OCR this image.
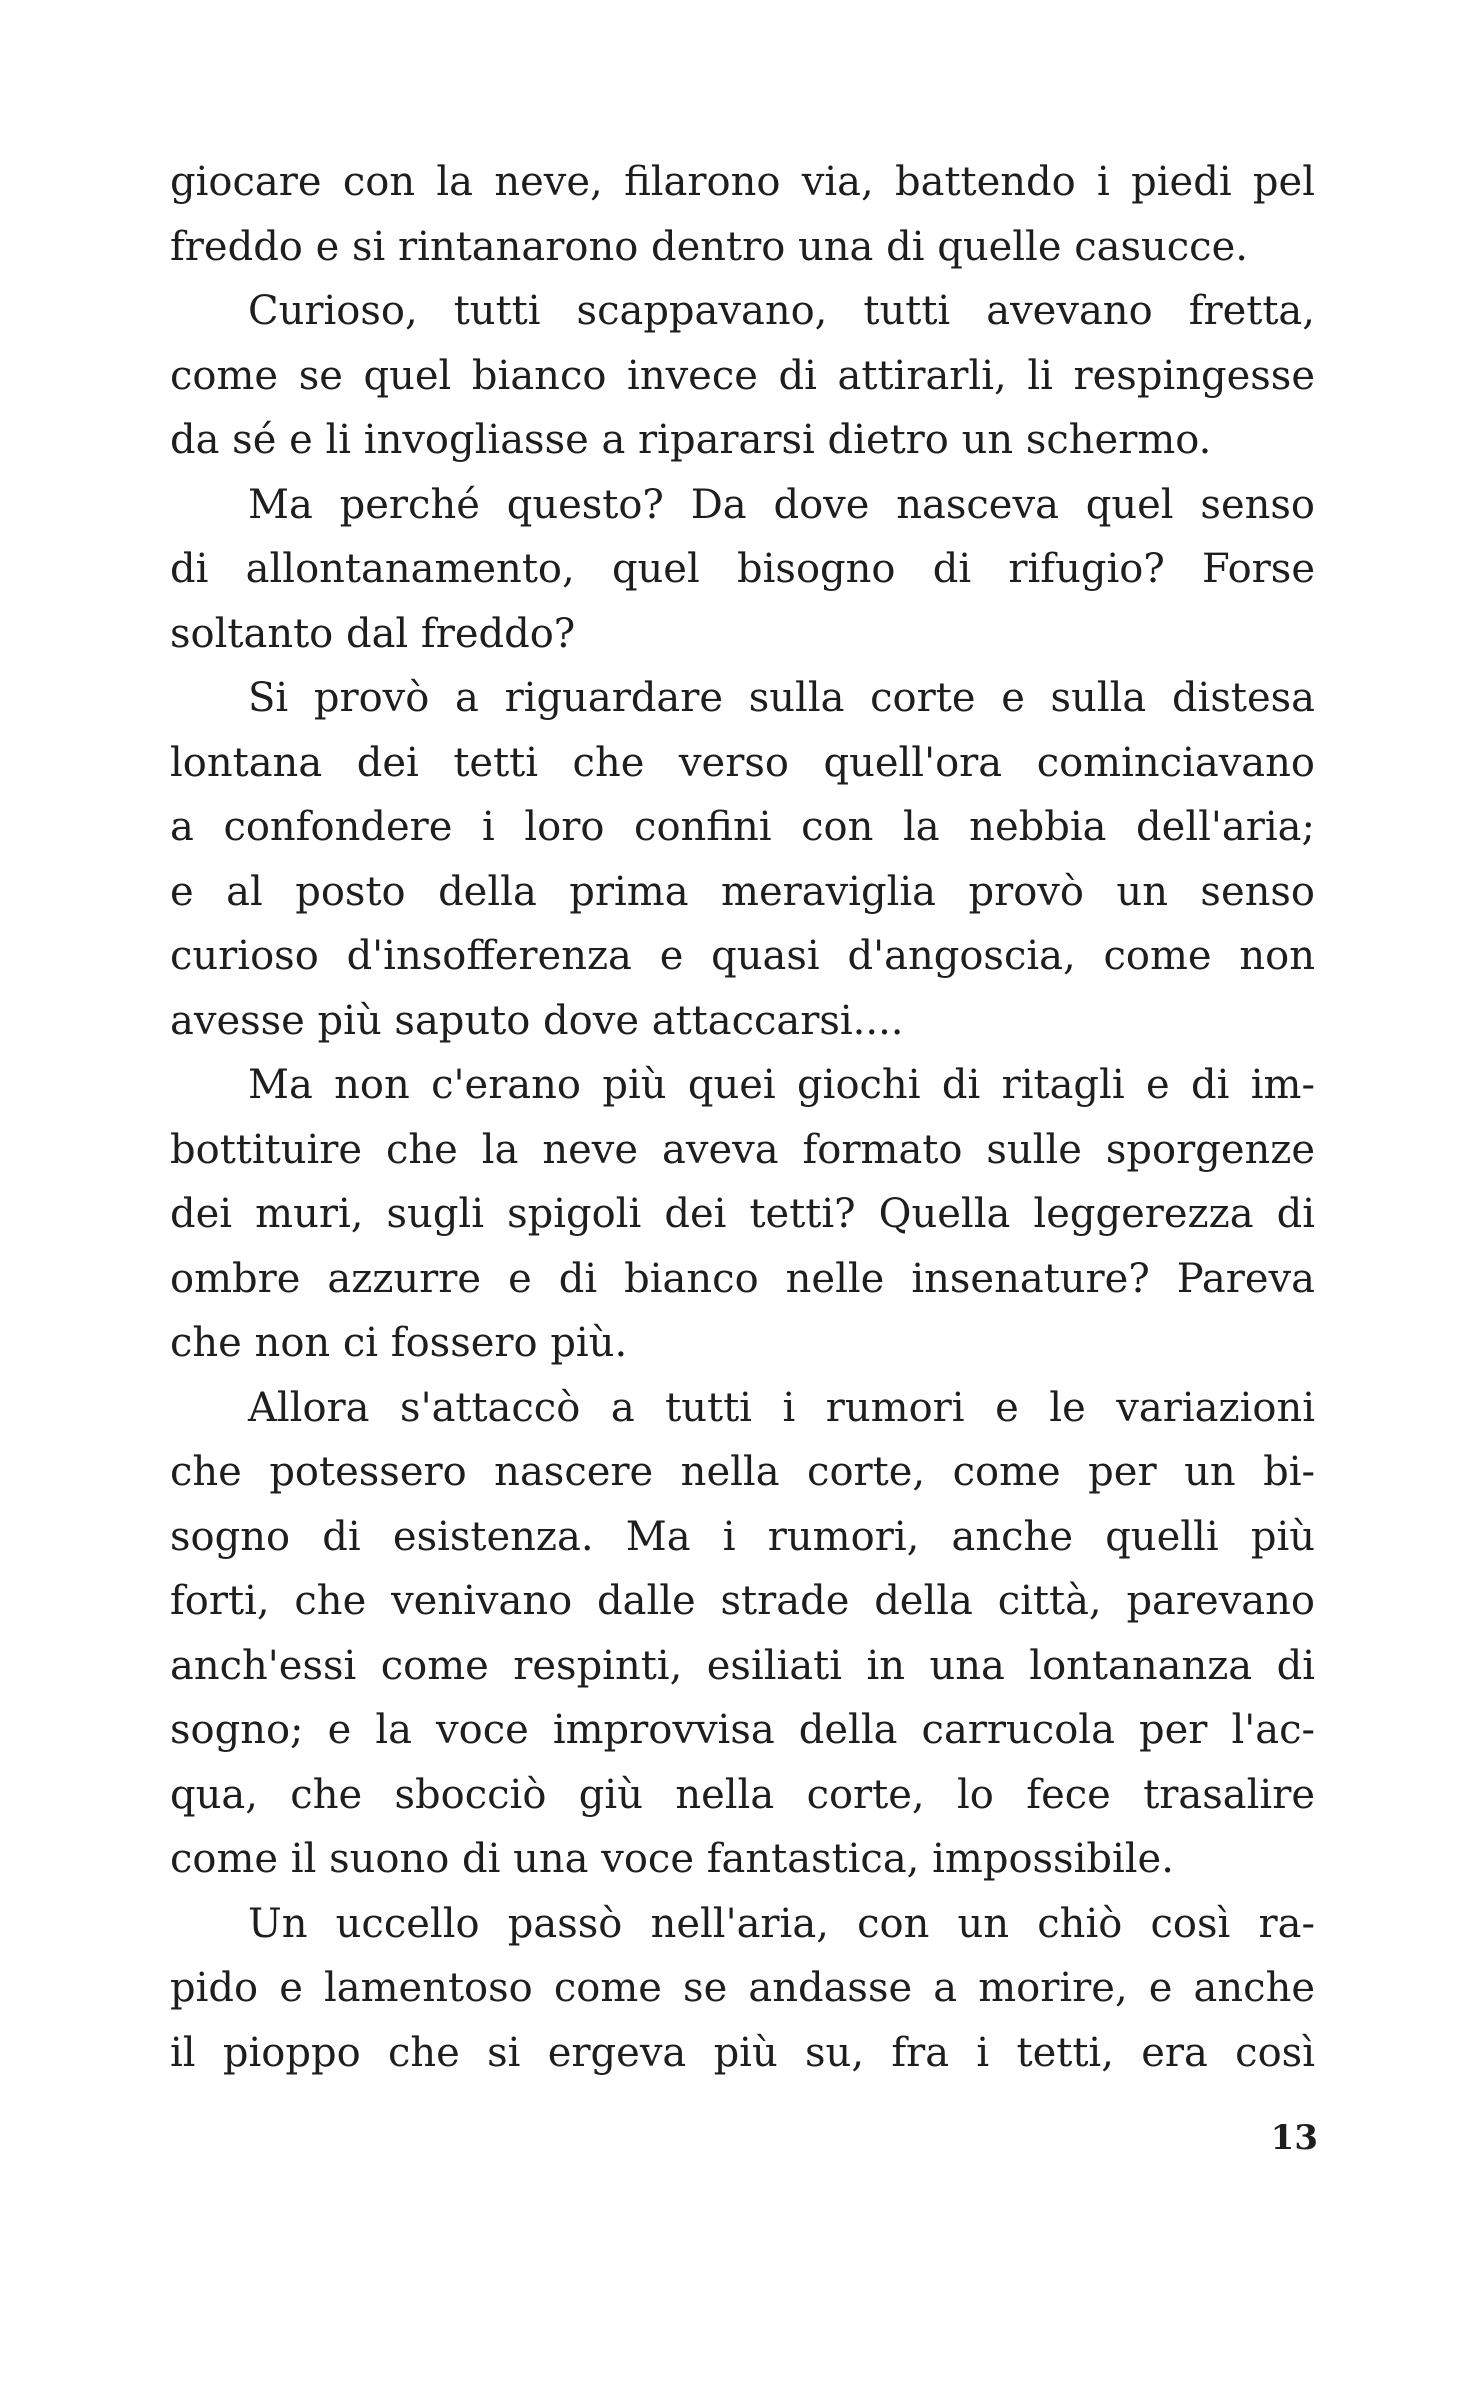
giocare con la neve, filarono via, battendo i piedi pel
freddo e si rintanarono dentro una di quelle casucce.
Curioso, tutti scappavano, tutti avevano fretta,
come se quel bianco invece di attirarli, li respingesse
da sé e li invogliasse a ripararsi dietro un schermo.
Ma perché questo? Da dove nasceva quel senso
di allontanamento, quel bisogno di rifugio? Forse
soltanto dal freddo?
Si provò a riguardare sulla corte e sulla distesa
lontana dei tetti che verso quell'ora cominciavano
a confondere i loro confini con la nebbia dell'aria;
e al posto della prima meraviglia provò un senso
curioso d'insofferenza e quasi d'angoscia, come non
avesse più saputo dove attaccarsi....
Ma non c'erano più quei giochi di ritagli e di im-
bottituire che la neve aveva formato sulle sporgenze
dei muri, sugli spigoli dei tetti? Quella leggerezza di
ombre azzurre e di bianco nelle insenature? Pareva
che non ci fossero più.
Allora s'attaccò a tutti i rumori e le variazioni
che potessero nascere nella corte, come per un bi-
sogno di esistenza. Ma i rumori, anche quelli più
forti, che venivano dalle strade della città, parevano
anch'essi come respinti, esiliati in una lontananza di
sogno; e la voce improvvisa della carrucola per l'ac-
qua, che sbocciò giù nella corte, lo fece trasalire
come il suono di una voce fantastica, impossibile.
Un uccello passò nell'aria, con un chiò così ra-
pido e lamentoso come se andasse a morire, e anche
il pioppo che si ergeva più su, fra i tetti, era così
13
